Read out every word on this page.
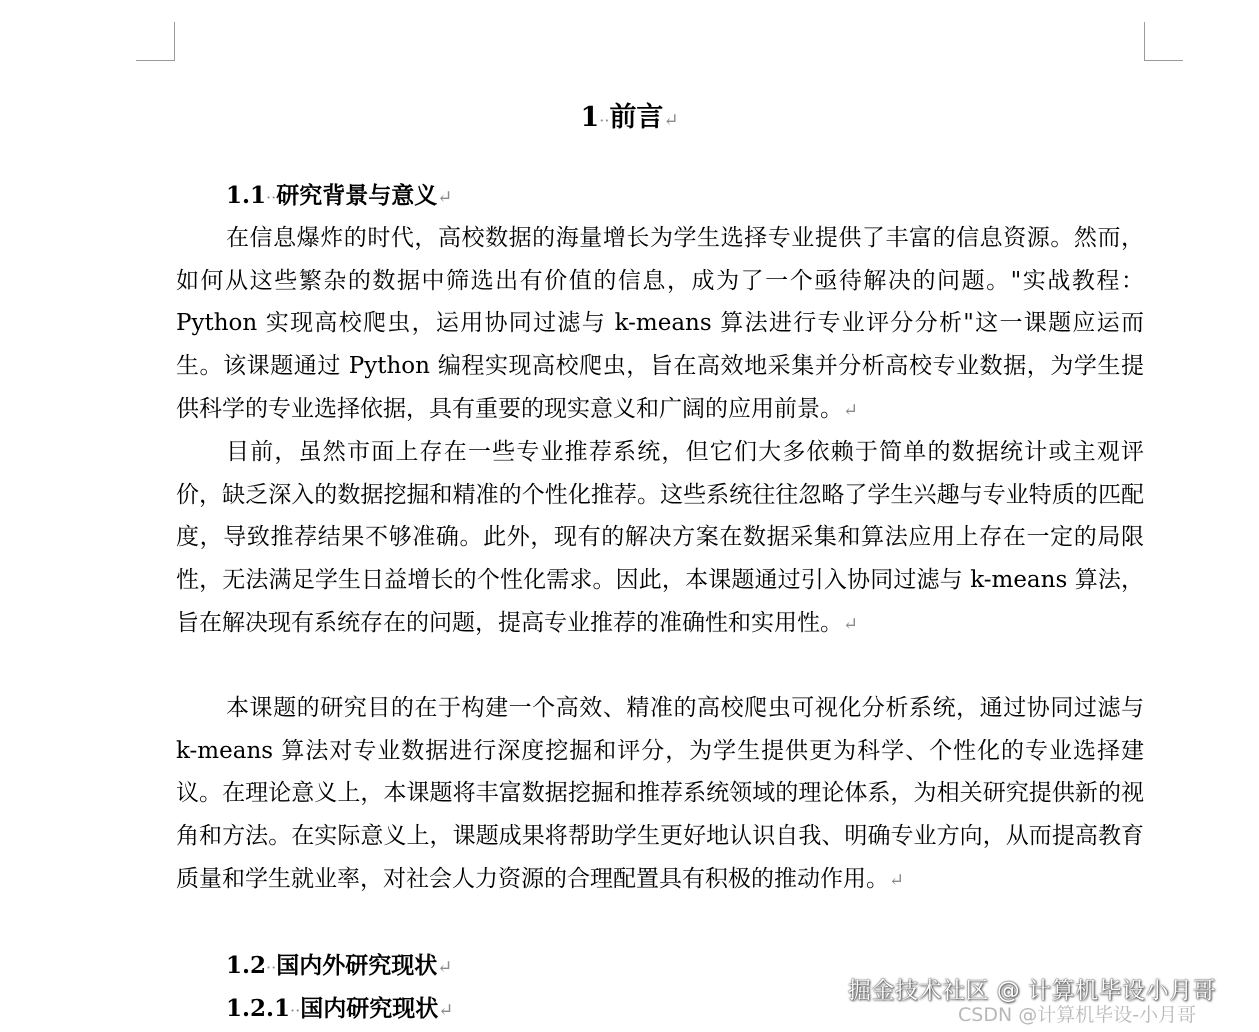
1··前言↵
1.1··研究背景与意义↵
在信息爆炸的时代，高校数据的海量增长为学生选择专业提供了丰富的信息资源。然而，如何从这些繁杂的数据中筛选出有价值的信息，成为了一个亟待解决的问题。"实战教程：Python 实现高校爬虫，运用协同过滤与 k-means 算法进行专业评分分析"这一课题应运而生。该课题通过 Python 编程实现高校爬虫，旨在高效地采集并分析高校专业数据，为学生提供科学的专业选择依据，具有重要的现实意义和广阔的应用前景。↵
目前，虽然市面上存在一些专业推荐系统，但它们大多依赖于简单的数据统计或主观评价，缺乏深入的数据挖掘和精准的个性化推荐。这些系统往往忽略了学生兴趣与专业特质的匹配度，导致推荐结果不够准确。此外，现有的解决方案在数据采集和算法应用上存在一定的局限性，无法满足学生日益增长的个性化需求。因此，本课题通过引入协同过滤与 k-means 算法，旨在解决现有系统存在的问题，提高专业推荐的准确性和实用性。↵
本课题的研究目的在于构建一个高效、精准的高校爬虫可视化分析系统，通过协同过滤与 k-means 算法对专业数据进行深度挖掘和评分，为学生提供更为科学、个性化的专业选择建议。在理论意义上，本课题将丰富数据挖掘和推荐系统领域的理论体系，为相关研究提供新的视角和方法。在实际意义上，课题成果将帮助学生更好地认识自我、明确专业方向，从而提高教育质量和学生就业率，对社会人力资源的合理配置具有积极的推动作用。↵
1.2··国内外研究现状↵
1.2.1··国内研究现状↵
掘金技术社区 @ 计算机毕设小月哥
CSDN @计算机毕设-小月哥
